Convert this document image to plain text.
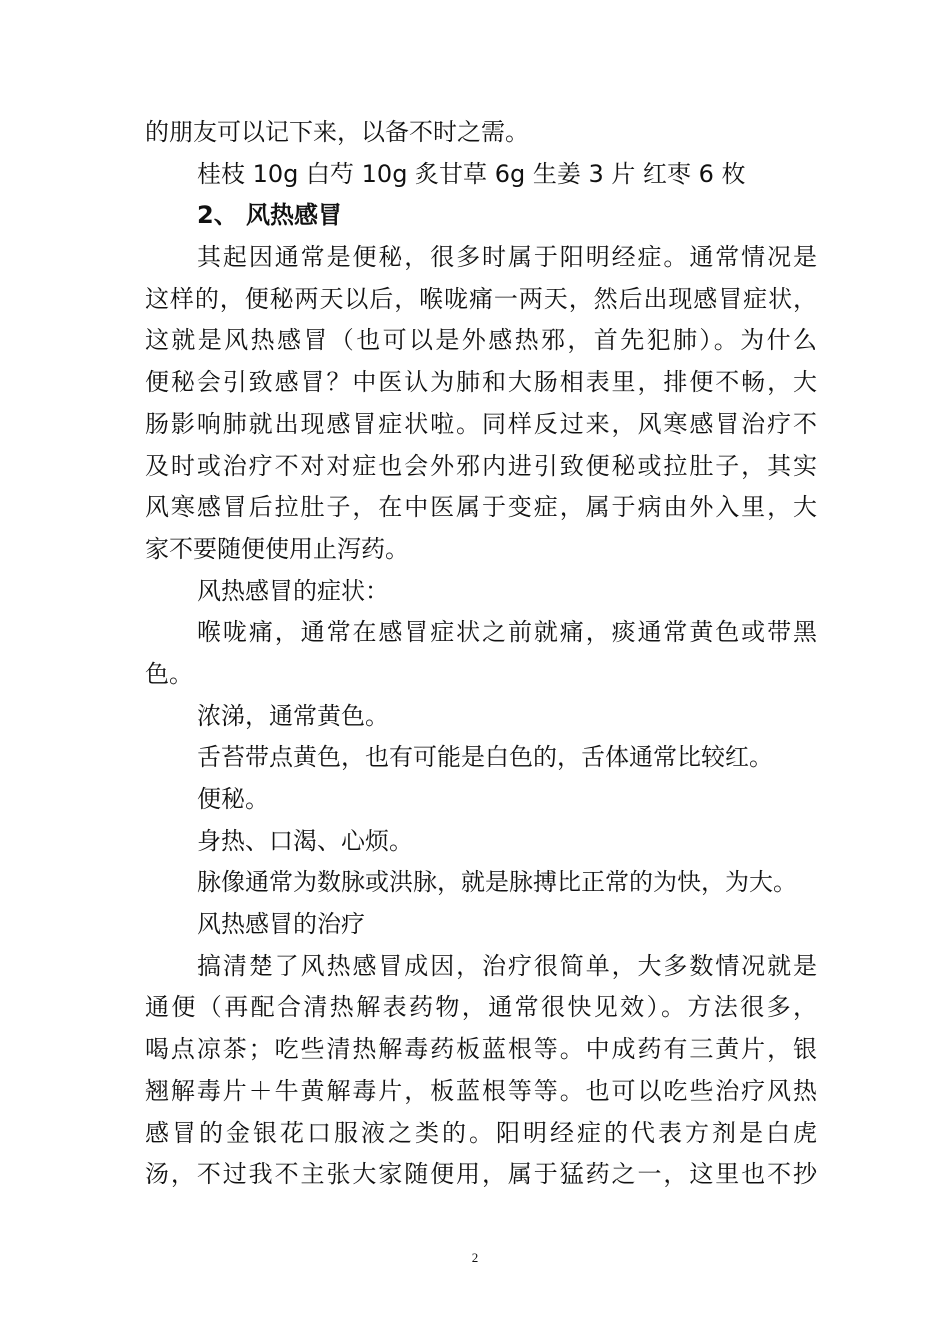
的朋友可以记下来，以备不时之需。
桂枝 10g 白芍 10g 炙甘草 6g 生姜 3 片 红枣 6 枚
2、 风热感冒
其起因通常是便秘，很多时属于阳明经症。通常情况是
这样的，便秘两天以后，喉咙痛一两天，然后出现感冒症状，
这就是风热感冒（也可以是外感热邪，首先犯肺）。为什么
便秘会引致感冒？中医认为肺和大肠相表里，排便不畅，大
肠影响肺就出现感冒症状啦。同样反过来，风寒感冒治疗不
及时或治疗不对对症也会外邪内进引致便秘或拉肚子，其实
风寒感冒后拉肚子，在中医属于变症，属于病由外入里，大
家不要随便使用止泻药。
风热感冒的症状：
喉咙痛，通常在感冒症状之前就痛，痰通常黄色或带黑
色。
浓涕，通常黄色。
舌苔带点黄色，也有可能是白色的，舌体通常比较红。
便秘。
身热、口渴、心烦。
脉像通常为数脉或洪脉，就是脉搏比正常的为快，为大。
风热感冒的治疗
搞清楚了风热感冒成因，治疗很简单，大多数情况就是
通便（再配合清热解表药物，通常很快见效）。方法很多，
喝点凉茶；吃些清热解毒药板蓝根等。中成药有三黄片，银
翘解毒片＋牛黄解毒片，板蓝根等等。也可以吃些治疗风热
感冒的金银花口服液之类的。阳明经症的代表方剂是白虎
汤，不过我不主张大家随便用，属于猛药之一，这里也不抄
2
